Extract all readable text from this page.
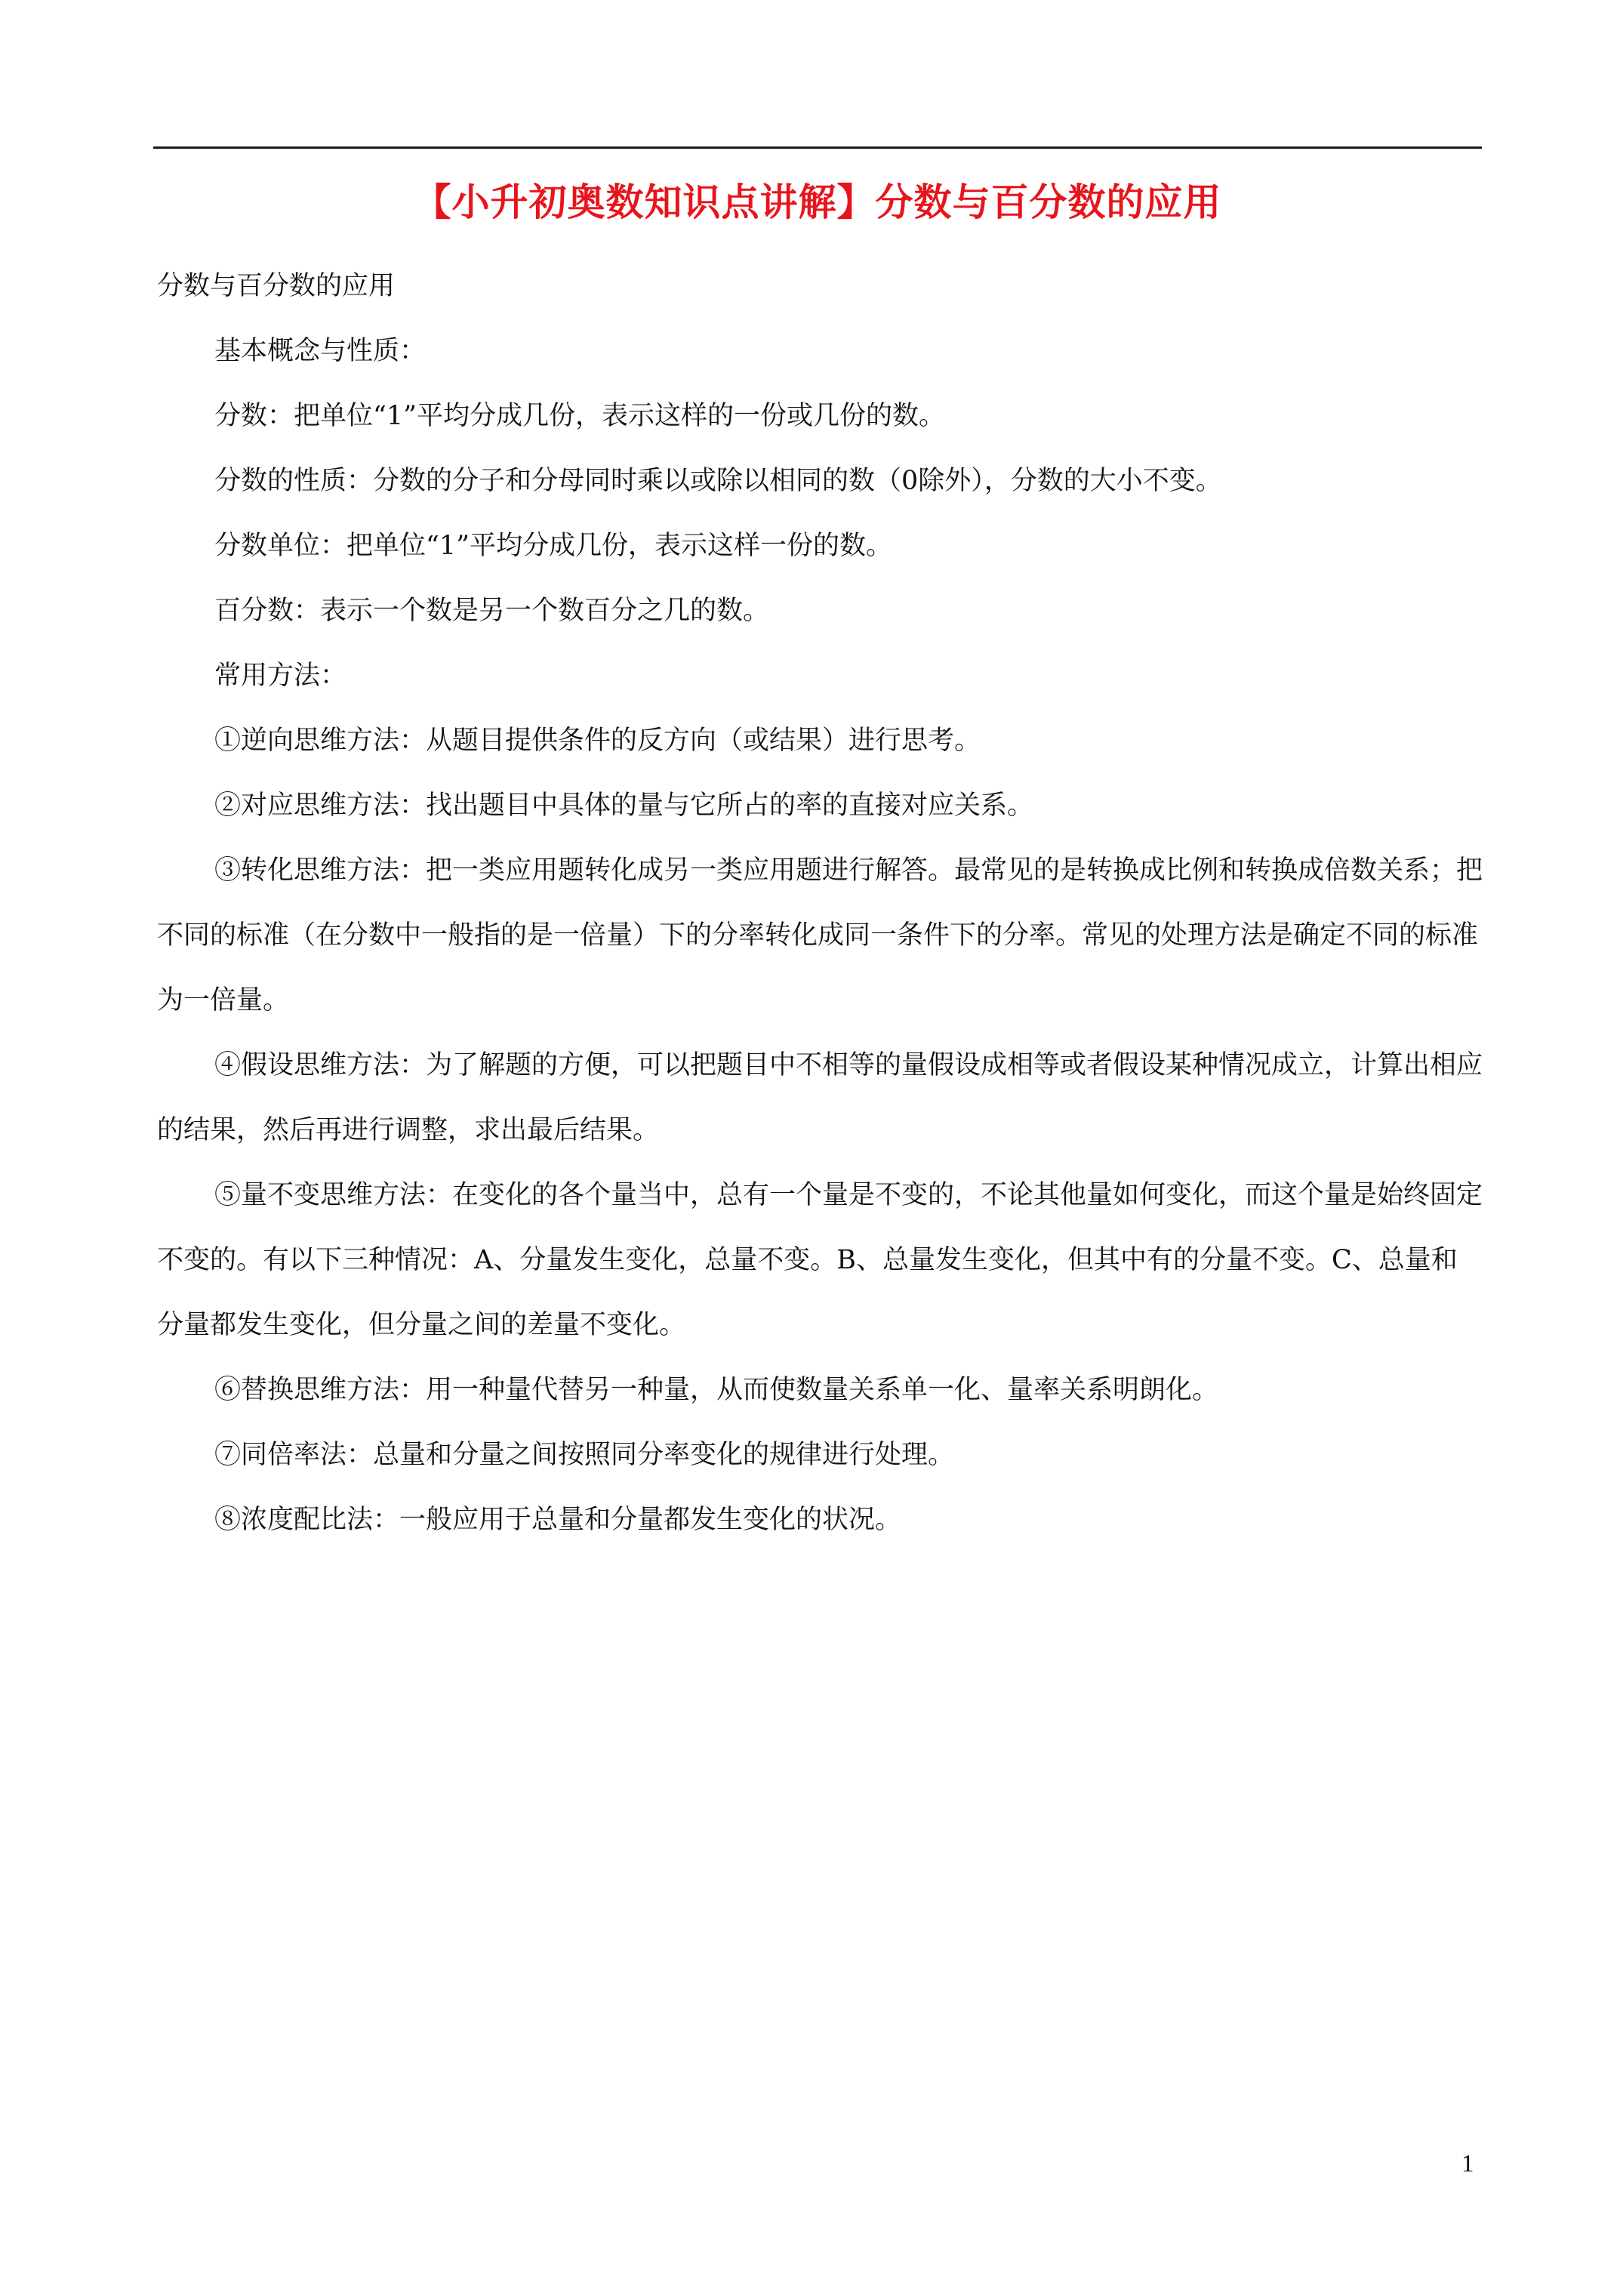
【小升初奥数知识点讲解】分数与百分数的应用

分数与百分数的应用

基本概念与性质：

分数：把单位“1”平均分成几份，表示这样的一份或几份的数。

分数的性质：分数的分子和分母同时乘以或除以相同的数（0除外），分数的大小不变。

分数单位：把单位“1”平均分成几份，表示这样一份的数。

百分数：表示一个数是另一个数百分之几的数。

常用方法：

①逆向思维方法：从题目提供条件的反方向（或结果）进行思考。

②对应思维方法：找出题目中具体的量与它所占的率的直接对应关系。

③转化思维方法：把一类应用题转化成另一类应用题进行解答。最常见的是转换成比例和转换成倍数关系；把不同的标准（在分数中一般指的是一倍量）下的分率转化成同一条件下的分率。常见的处理方法是确定不同的标准为一倍量。

④假设思维方法：为了解题的方便，可以把题目中不相等的量假设成相等或者假设某种情况成立，计算出相应的结果，然后再进行调整，求出最后结果。

⑤量不变思维方法：在变化的各个量当中，总有一个量是不变的，不论其他量如何变化，而这个量是始终固定不变的。有以下三种情况：A、分量发生变化，总量不变。B、总量发生变化，但其中有的分量不变。C、总量和分量都发生变化，但分量之间的差量不变化。

⑥替换思维方法：用一种量代替另一种量，从而使数量关系单一化、量率关系明朗化。

⑦同倍率法：总量和分量之间按照同分率变化的规律进行处理。

⑧浓度配比法：一般应用于总量和分量都发生变化的状况。

1
